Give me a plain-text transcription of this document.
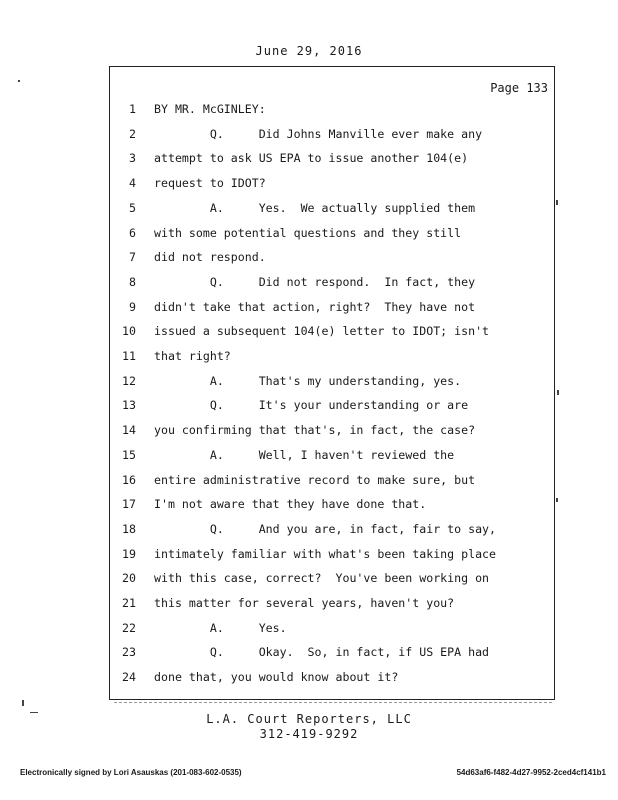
June 29, 2016
Page 133
1 BY MR. McGINLEY:
2 Q.     Did Johns Manville ever make any
3 attempt to ask US EPA to issue another 104(e)
4 request to IDOT?
5 A.     Yes.  We actually supplied them
6 with some potential questions and they still
7 did not respond.
8 Q.     Did not respond.  In fact, they
9 didn't take that action, right?  They have not
10 issued a subsequent 104(e) letter to IDOT; isn't
11 that right?
12 A.     That's my understanding, yes.
13 Q.     It's your understanding or are
14 you confirming that that's, in fact, the case?
15 A.     Well, I haven't reviewed the
16 entire administrative record to make sure, but
17 I'm not aware that they have done that.
18 Q.     And you are, in fact, fair to say,
19 intimately familiar with what's been taking place
20 with this case, correct?  You've been working on
21 this matter for several years, haven't you?
22 A.     Yes.
23 Q.     Okay.  So, in fact, if US EPA had
24 done that, you would know about it?
L.A. Court Reporters, LLC
312-419-9292
Electronically signed by Lori Asauskas (201-083-602-0535)	54d63af6-f482-4d27-9952-2ced4cf141b1
